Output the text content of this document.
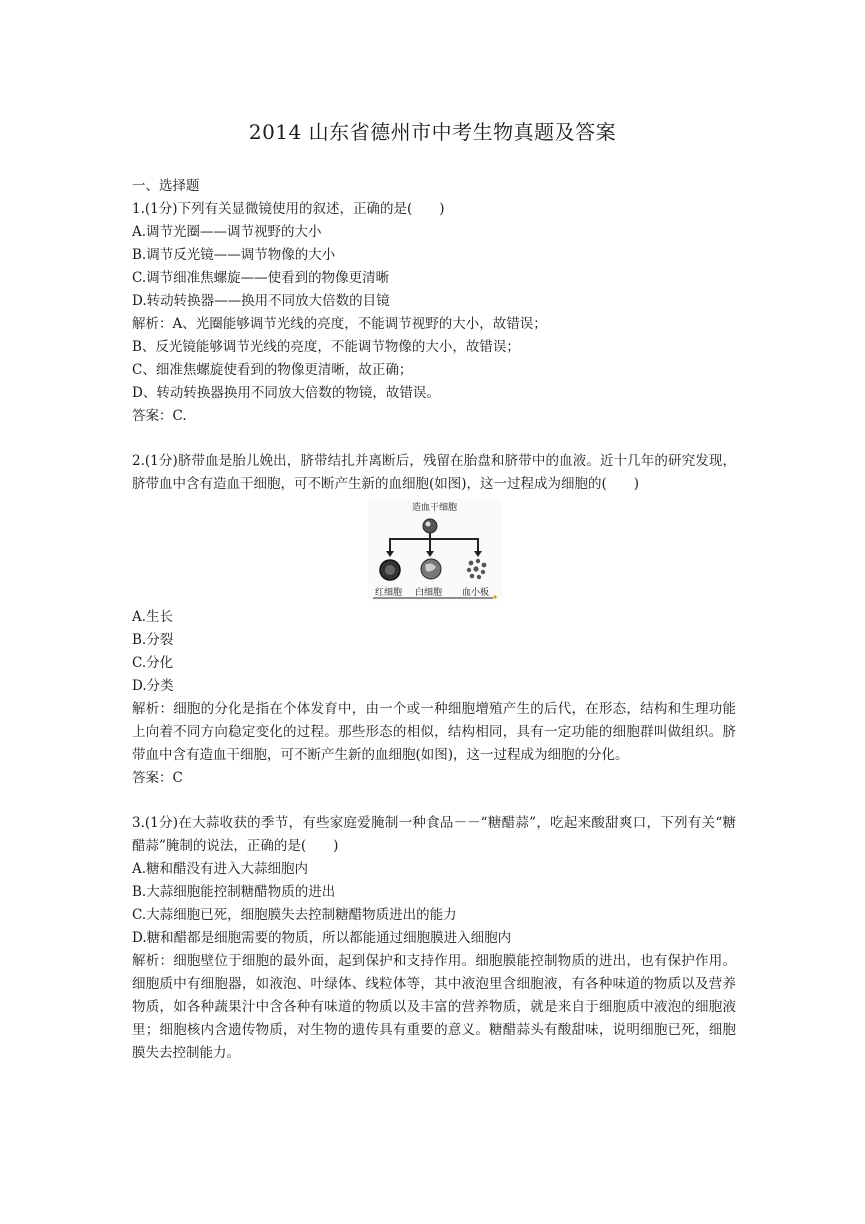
2014 山东省德州市中考生物真题及答案
一、选择题
1.(1分)下列有关显微镜使用的叙述，正确的是(　　)
A.调节光圈——调节视野的大小
B.调节反光镜——调节物像的大小
C.调节细准焦螺旋——使看到的物像更清晰
D.转动转换器——换用不同放大倍数的目镜
解析：A、光圈能够调节光线的亮度，不能调节视野的大小，故错误；
B、反光镜能够调节光线的亮度，不能调节物像的大小，故错误；
C、细准焦螺旋使看到的物像更清晰，故正确；
D、转动转换器换用不同放大倍数的物镜，故错误。
答案：C.
2.(1分)脐带血是胎儿娩出，脐带结扎并离断后，残留在胎盘和脐带中的血液。近十几年的研究发现，脐带血中含有造血干细胞，可不断产生新的血细胞(如图)，这一过程成为细胞的(　　)
造血干细胞
红细胞 白细胞 血小板
A.生长
B.分裂
C.分化
D.分类
解析：细胞的分化是指在个体发育中，由一个或一种细胞增殖产生的后代，在形态，结构和生理功能上向着不同方向稳定变化的过程。那些形态的相似，结构相同，具有一定功能的细胞群叫做组织。脐带血中含有造血干细胞，可不断产生新的血细胞(如图)，这一过程成为细胞的分化。
答案：C
3.(1分)在大蒜收获的季节，有些家庭爱腌制一种食品－－“糖醋蒜”，吃起来酸甜爽口，下列有关“糖醋蒜”腌制的说法，正确的是(　　)
A.糖和醋没有进入大蒜细胞内
B.大蒜细胞能控制糖醋物质的进出
C.大蒜细胞已死，细胞膜失去控制糖醋物质进出的能力
D.糖和醋都是细胞需要的物质，所以都能通过细胞膜进入细胞内
解析：细胞壁位于细胞的最外面，起到保护和支持作用。细胞膜能控制物质的进出，也有保护作用。细胞质中有细胞器，如液泡、叶绿体、线粒体等，其中液泡里含细胞液，有各种味道的物质以及营养物质，如各种蔬果汁中含各种有味道的物质以及丰富的营养物质，就是来自于细胞质中液泡的细胞液里；细胞核内含遗传物质，对生物的遗传具有重要的意义。糖醋蒜头有酸甜味，说明细胞已死，细胞膜失去控制能力。
